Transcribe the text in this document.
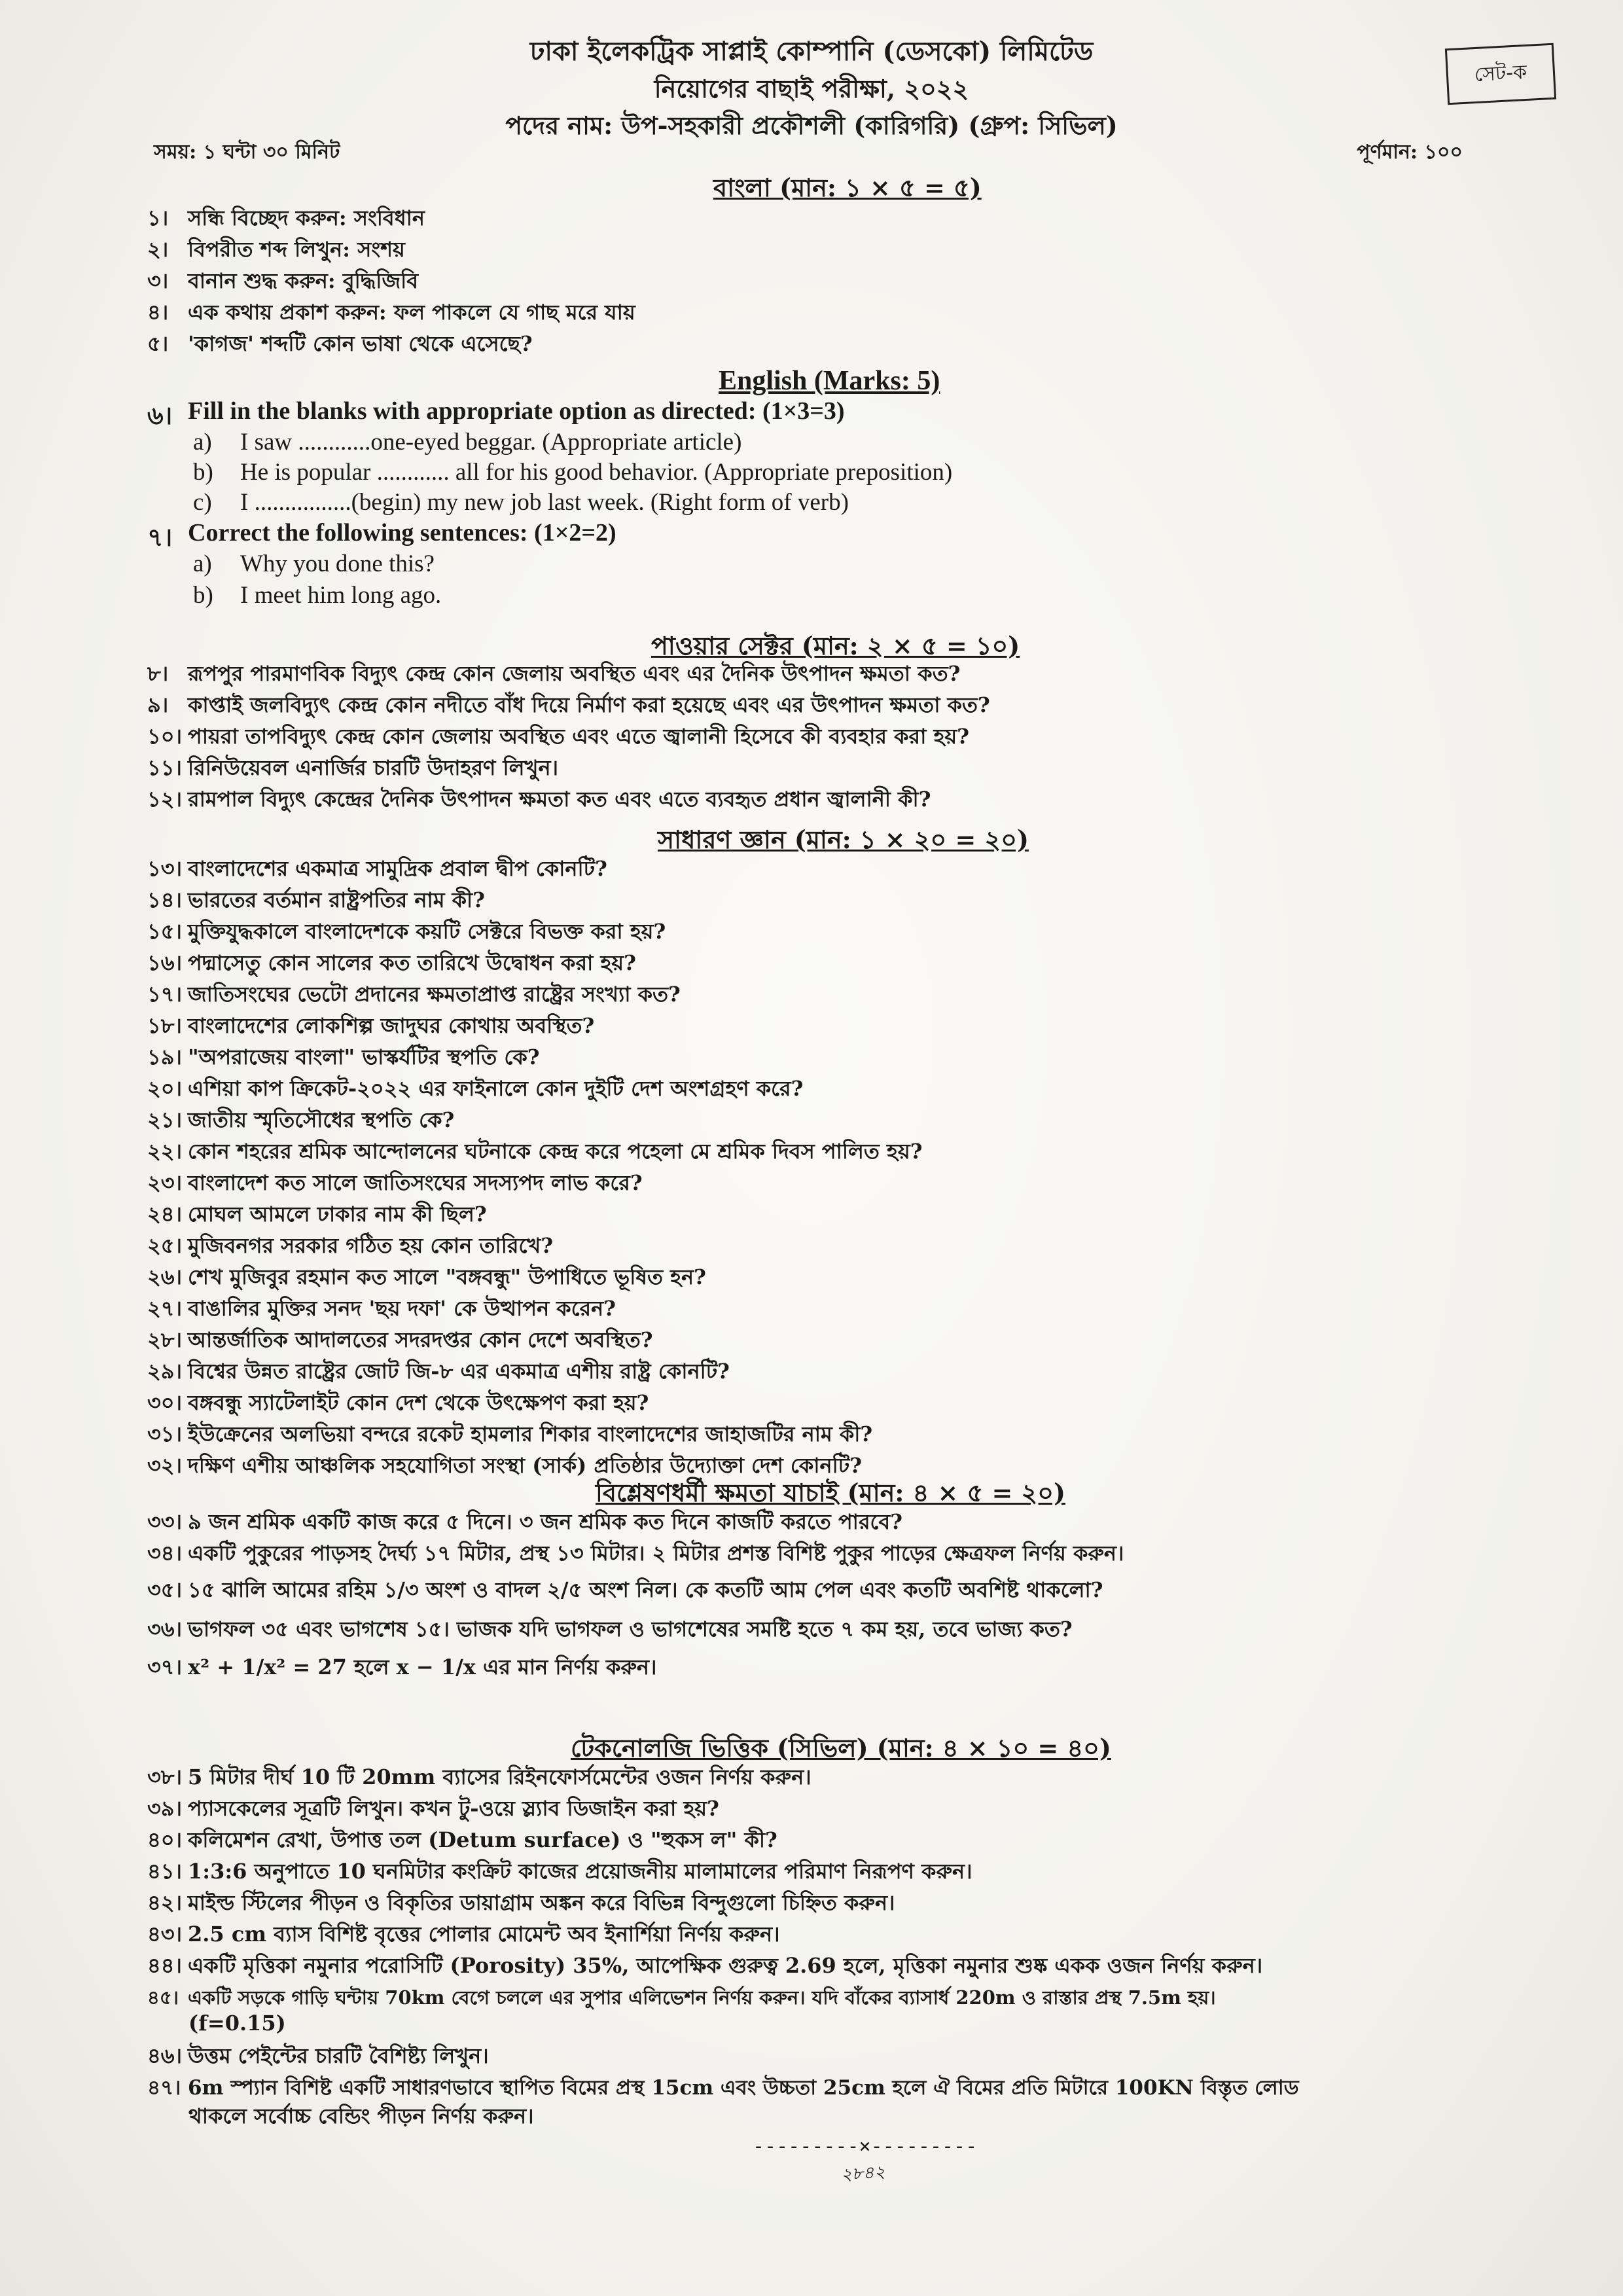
ঢাকা ইলেকট্রিক সাপ্লাই কোম্পানি (ডেসকো) লিমিটেড
নিয়োগের বাছাই পরীক্ষা, ২০২২
পদের নাম: উপ-সহকারী প্রকৌশলী (কারিগরি) (গ্রুপ: সিভিল)
সেট-ক
সময়: ১ ঘন্টা ৩০ মিনিট	পূর্ণমান: ১০০
বাংলা (মান: ১ × ৫ = ৫)
১। সন্ধি বিচ্ছেদ করুন: সংবিধান
২। বিপরীত শব্দ লিখুন: সংশয়
৩। বানান শুদ্ধ করুন: বুদ্ধিজিবি
৪। এক কথায় প্রকাশ করুন: ফল পাকলে যে গাছ মরে যায়
৫। 'কাগজ' শব্দটি কোন ভাষা থেকে এসেছে?
English (Marks: 5)
৬। Fill in the blanks with appropriate option as directed: (1×3=3)
a)	I saw ............one-eyed beggar. (Appropriate article)
b)	He is popular ............ all for his good behavior. (Appropriate preposition)
c)	I ................(begin) my new job last week. (Right form of verb)
৭। Correct the following sentences: (1×2=2)
a)	Why you done this?
b)	I meet him long ago.
পাওয়ার সেক্টর (মান: ২ × ৫ = ১০)
৮। রূপপুর পারমাণবিক বিদ্যুৎ কেন্দ্র কোন জেলায় অবস্থিত এবং এর দৈনিক উৎপাদন ক্ষমতা কত?
৯। কাপ্তাই জলবিদ্যুৎ কেন্দ্র কোন নদীতে বাঁধ দিয়ে নির্মাণ করা হয়েছে এবং এর উৎপাদন ক্ষমতা কত?
১০। পায়রা তাপবিদ্যুৎ কেন্দ্র কোন জেলায় অবস্থিত এবং এতে জ্বালানী হিসেবে কী ব্যবহার করা হয়?
১১। রিনিউয়েবল এনার্জির চারটি উদাহরণ লিখুন।
১২। রামপাল বিদ্যুৎ কেন্দ্রের দৈনিক উৎপাদন ক্ষমতা কত এবং এতে ব্যবহৃত প্রধান জ্বালানী কী?
সাধারণ জ্ঞান (মান: ১ × ২০ = ২০)
১৩। বাংলাদেশের একমাত্র সামুদ্রিক প্রবাল দ্বীপ কোনটি?
১৪। ভারতের বর্তমান রাষ্ট্রপতির নাম কী?
১৫। মুক্তিযুদ্ধকালে বাংলাদেশকে কয়টি সেক্টরে বিভক্ত করা হয়?
১৬। পদ্মাসেতু কোন সালের কত তারিখে উদ্বোধন করা হয়?
১৭। জাতিসংঘের ভেটো প্রদানের ক্ষমতাপ্রাপ্ত রাষ্ট্রের সংখ্যা কত?
১৮। বাংলাদেশের লোকশিল্প জাদুঘর কোথায় অবস্থিত?
১৯। "অপরাজেয় বাংলা" ভাস্কর্যটির স্থপতি কে?
২০। এশিয়া কাপ ক্রিকেট-২০২২ এর ফাইনালে কোন দুইটি দেশ অংশগ্রহণ করে?
২১। জাতীয় স্মৃতিসৌধের স্থপতি কে?
২২। কোন শহরের শ্রমিক আন্দোলনের ঘটনাকে কেন্দ্র করে পহেলা মে শ্রমিক দিবস পালিত হয়?
২৩। বাংলাদেশ কত সালে জাতিসংঘের সদস্যপদ লাভ করে?
২৪। মোঘল আমলে ঢাকার নাম কী ছিল?
২৫। মুজিবনগর সরকার গঠিত হয় কোন তারিখে?
২৬। শেখ মুজিবুর রহমান কত সালে "বঙ্গবন্ধু" উপাধিতে ভূষিত হন?
২৭। বাঙালির মুক্তির সনদ 'ছয় দফা' কে উত্থাপন করেন?
২৮। আন্তর্জাতিক আদালতের সদরদপ্তর কোন দেশে অবস্থিত?
২৯। বিশ্বের উন্নত রাষ্ট্রের জোট জি-৮ এর একমাত্র এশীয় রাষ্ট্র কোনটি?
৩০। বঙ্গবন্ধু স্যাটেলাইট কোন দেশ থেকে উৎক্ষেপণ করা হয়?
৩১। ইউক্রেনের অলভিয়া বন্দরে রকেট হামলার শিকার বাংলাদেশের জাহাজটির নাম কী?
৩২। দক্ষিণ এশীয় আঞ্চলিক সহযোগিতা সংস্থা (সার্ক) প্রতিষ্ঠার উদ্যোক্তা দেশ কোনটি?
বিশ্লেষণধর্মী ক্ষমতা যাচাই (মান: ৪ × ৫ = ২০)
৩৩। ৯ জন শ্রমিক একটি কাজ করে ৫ দিনে। ৩ জন শ্রমিক কত দিনে কাজটি করতে পারবে?
৩৪। একটি পুকুরের পাড়সহ দৈর্ঘ্য ১৭ মিটার, প্রস্থ ১৩ মিটার। ২ মিটার প্রশস্ত বিশিষ্ট পুকুর পাড়ের ক্ষেত্রফল নির্ণয় করুন।
৩৫। ১৫ ঝালি আমের রহিম ১/৩ অংশ ও বাদল ২/৫ অংশ নিল। কে কতটি আম পেল এবং কতটি অবশিষ্ট থাকলো?
৩৬। ভাগফল ৩৫ এবং ভাগশেষ ১৫। ভাজক যদি ভাগফল ও ভাগশেষের সমষ্টি হতে ৭ কম হয়, তবে ভাজ্য কত?
৩৭। x² + 1/x² = 27 হলে x − 1/x এর মান নির্ণয় করুন।
টেকনোলজি ভিত্তিক (সিভিল) (মান: ৪ × ১০ = ৪০)
৩৮। 5 মিটার দীর্ঘ 10 টি 20mm ব্যাসের রিইনফোর্সমেন্টের ওজন নির্ণয় করুন।
৩৯। প্যাসকেলের সূত্রটি লিখুন। কখন টু-ওয়ে স্ল্যাব ডিজাইন করা হয়?
৪০। কলিমেশন রেখা, উপাত্ত তল (Detum surface) ও "হুকস ল" কী?
৪১। 1:3:6 অনুপাতে 10 ঘনমিটার কংক্রিট কাজের প্রয়োজনীয় মালামালের পরিমাণ নিরূপণ করুন।
৪২। মাইল্ড স্টিলের পীড়ন ও বিকৃতির ডায়াগ্রাম অঙ্কন করে বিভিন্ন বিন্দুগুলো চিহ্নিত করুন।
৪৩। 2.5 cm ব্যাস বিশিষ্ট বৃত্তের পোলার মোমেন্ট অব ইনার্শিয়া নির্ণয় করুন।
৪৪। একটি মৃত্তিকা নমুনার পরোসিটি (Porosity) 35%, আপেক্ষিক গুরুত্ব 2.69 হলে, মৃত্তিকা নমুনার শুষ্ক একক ওজন নির্ণয় করুন।
৪৫। একটি সড়কে গাড়ি ঘন্টায় 70km বেগে চললে এর সুপার এলিভেশন নির্ণয় করুন। যদি বাঁকের ব্যাসার্ধ 220m ও রাস্তার প্রস্থ 7.5m হয়।
(f=0.15)
৪৬। উত্তম পেইন্টের চারটি বৈশিষ্ট্য লিখুন।
৪৭। 6m স্প্যান বিশিষ্ট একটি সাধারণভাবে স্থাপিত বিমের প্রস্থ 15cm এবং উচ্চতা 25cm হলে ঐ বিমের প্রতি মিটারে 100KN বিস্তৃত লোড
থাকলে সর্বোচ্চ বেন্ডিং পীড়ন নির্ণয় করুন।
---------×---------
২৮৪২
